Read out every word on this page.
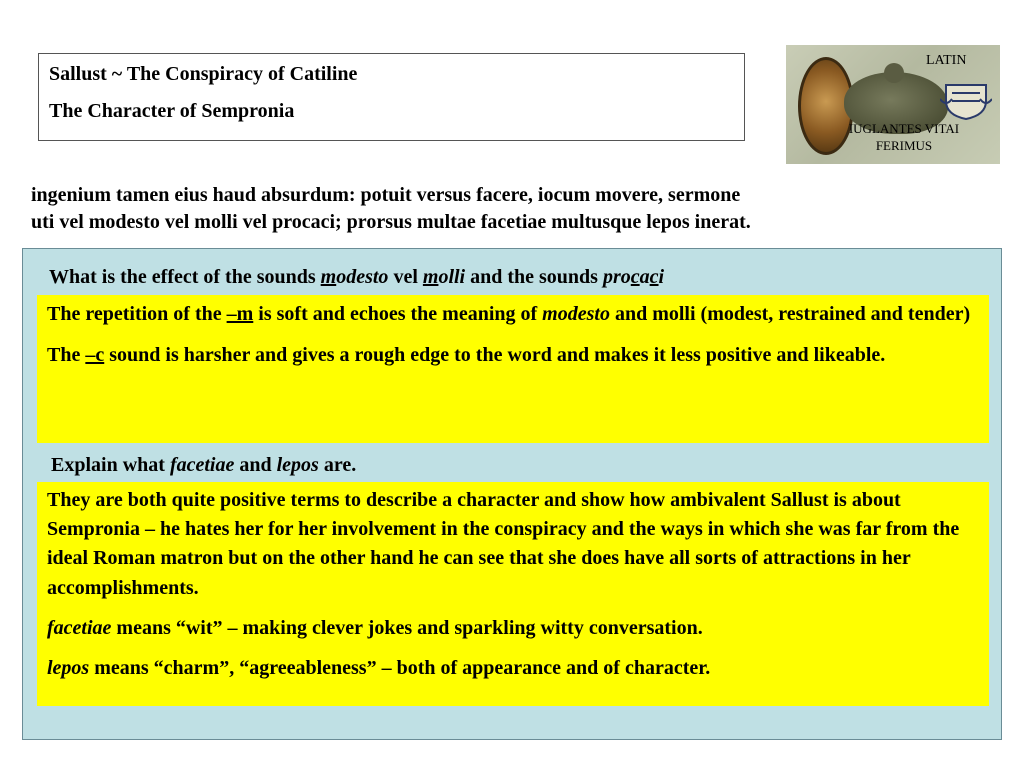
Sallust ~ The Conspiracy of Catiline

The Character of Sempronia

LATIN
IUGLANTES VITAI
FERIMUS
ingenium tamen eius haud absurdum: potuit versus facere, iocum movere, sermone
uti vel modesto vel molli vel procaci; prorsus multae facetiae multusque lepos inerat.
What is the effect of the sounds modesto vel molli and the sounds procaci

The repetition of the –m is soft and echoes the meaning of modesto and molli (modest, restrained and tender)

The –c sound is harsher and gives a rough edge to the word and makes it less positive and likeable.

Explain what facetiae and lepos are.

They are both quite positive terms to describe a character and show how ambivalent Sallust is about Sempronia – he hates her for her involvement in the conspiracy and the ways in which she was far from the ideal Roman matron but on the other hand he can see that she does have all sorts of attractions in her accomplishments.

facetiae means “wit” – making clever jokes and sparkling witty conversation.

lepos means “charm”, “agreeableness” – both of appearance and of character.
